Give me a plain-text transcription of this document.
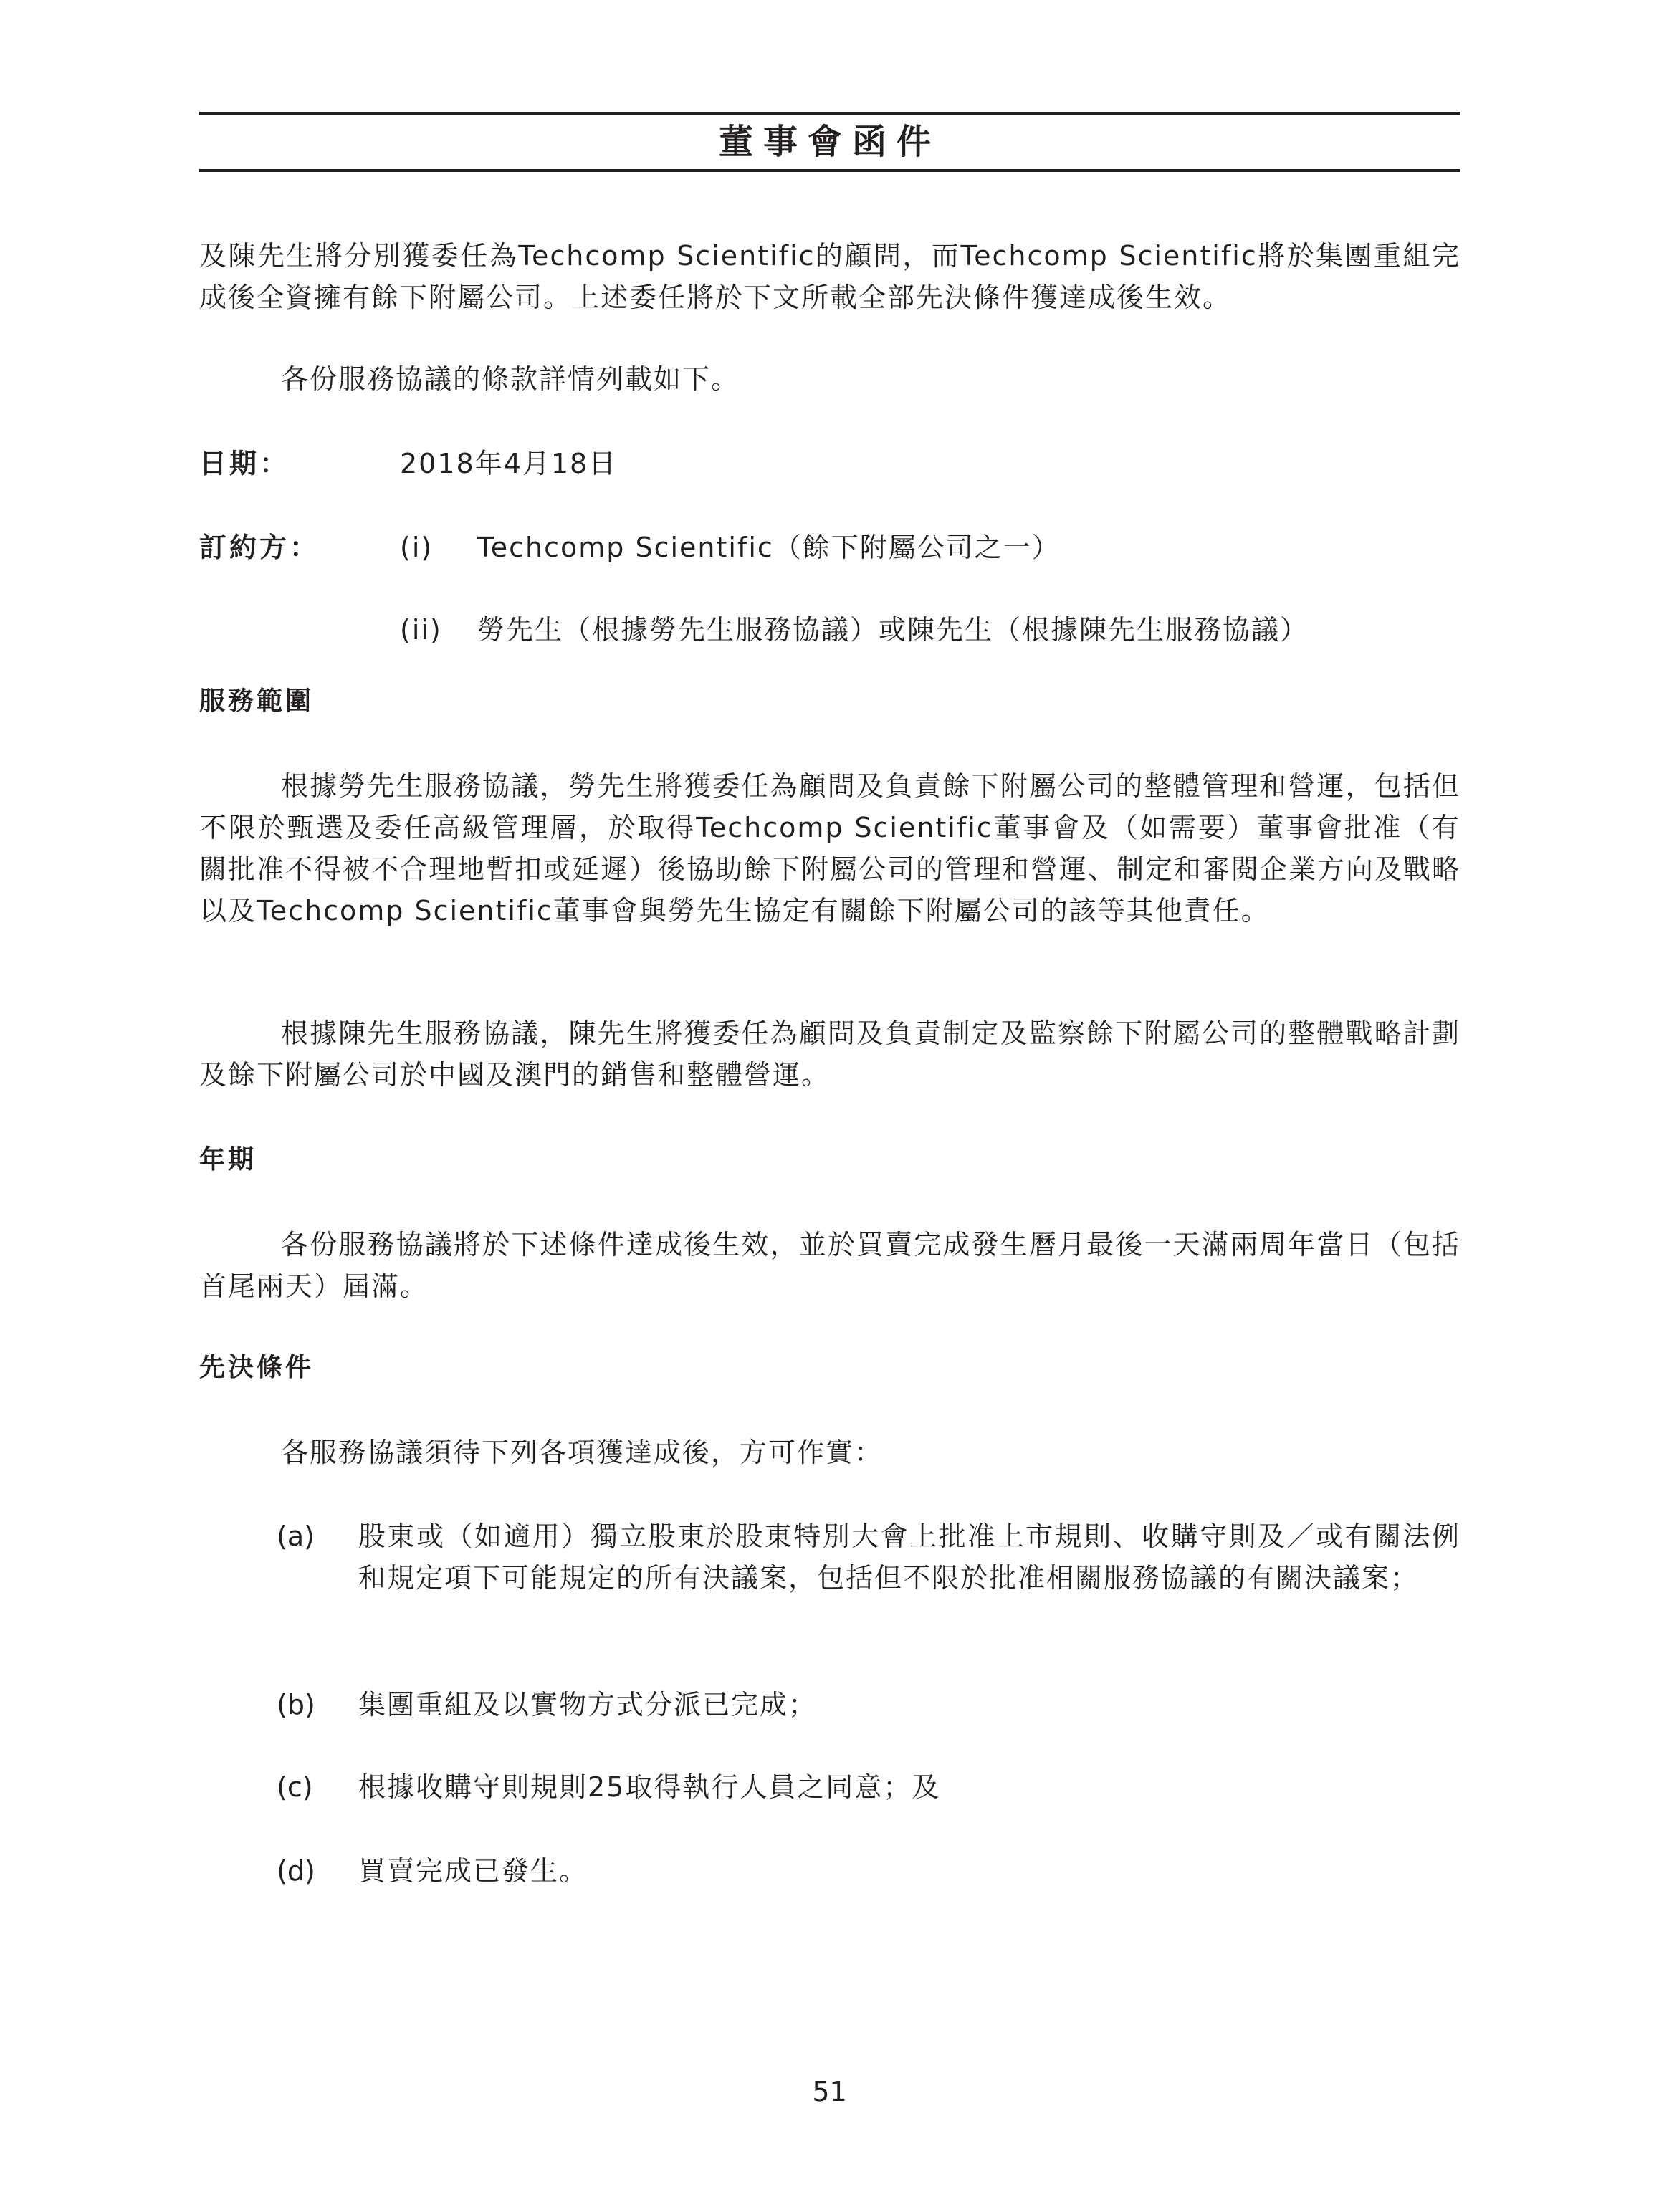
董事會函件
及陳先生將分別獲委任為Techcomp Scientific的顧問，而Techcomp Scientific將於集團重組完成後全資擁有餘下附屬公司。上述委任將於下文所載全部先決條件獲達成後生效。
各份服務協議的條款詳情列載如下。
日期：	2018年4月18日
訂約方：	(i) Techcomp Scientific（餘下附屬公司之一）
(ii) 勞先生（根據勞先生服務協議）或陳先生（根據陳先生服務協議）
服務範圍
根據勞先生服務協議，勞先生將獲委任為顧問及負責餘下附屬公司的整體管理和營運，包括但不限於甄選及委任高級管理層，於取得Techcomp Scientific董事會及（如需要）董事會批准（有關批准不得被不合理地暫扣或延遲）後協助餘下附屬公司的管理和營運、制定和審閱企業方向及戰略以及Techcomp Scientific董事會與勞先生協定有關餘下附屬公司的該等其他責任。
根據陳先生服務協議，陳先生將獲委任為顧問及負責制定及監察餘下附屬公司的整體戰略計劃及餘下附屬公司於中國及澳門的銷售和整體營運。
年期
各份服務協議將於下述條件達成後生效，並於買賣完成發生曆月最後一天滿兩周年當日（包括首尾兩天）屆滿。
先決條件
各服務協議須待下列各項獲達成後，方可作實：
(a) 股東或（如適用）獨立股東於股東特別大會上批准上市規則、收購守則及／或有關法例和規定項下可能規定的所有決議案，包括但不限於批准相關服務協議的有關決議案；
(b) 集團重組及以實物方式分派已完成；
(c) 根據收購守則規則25取得執行人員之同意；及
(d) 買賣完成已發生。
51
